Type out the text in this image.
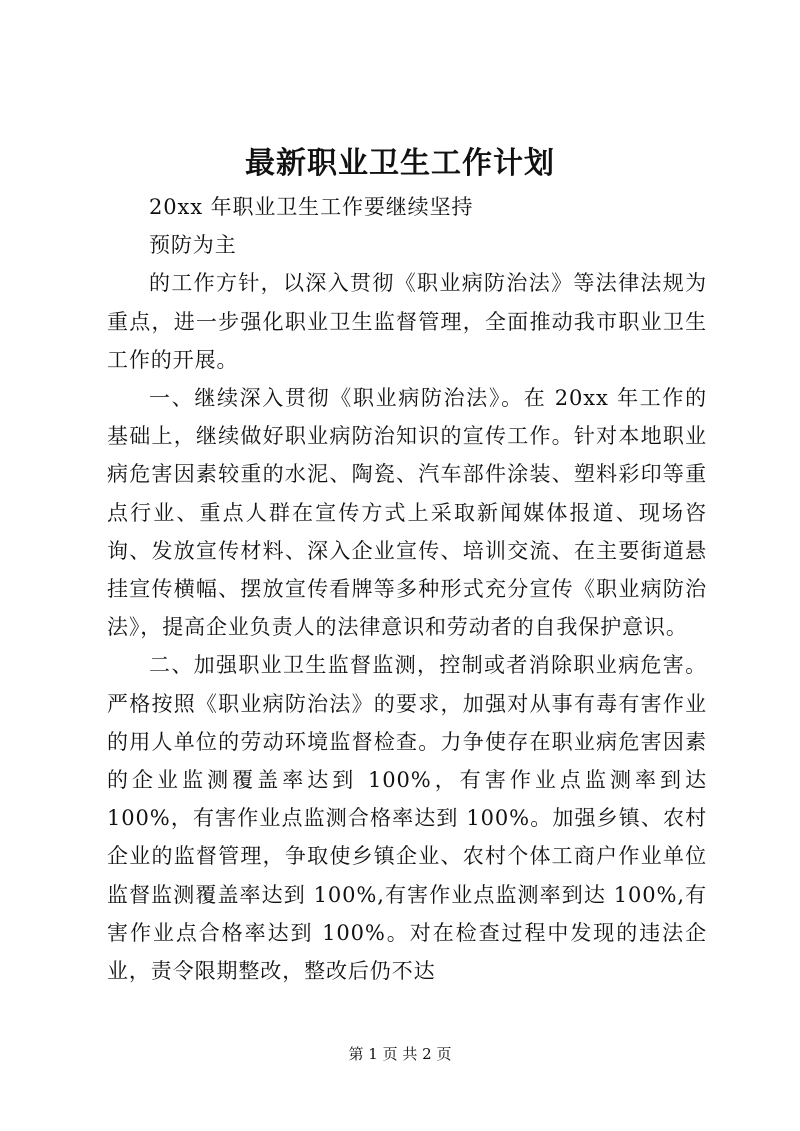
最新职业卫生工作计划

20xx 年职业卫生工作要继续坚持

预防为主

的工作方针，以深入贯彻《职业病防治法》等法律法规为重点，进一步强化职业卫生监督管理，全面推动我市职业卫生工作的开展。

一、继续深入贯彻《职业病防治法》。在 20xx 年工作的基础上，继续做好职业病防治知识的宣传工作。针对本地职业病危害因素较重的水泥、陶瓷、汽车部件涂装、塑料彩印等重点行业、重点人群在宣传方式上采取新闻媒体报道、现场咨询、发放宣传材料、深入企业宣传、培训交流、在主要街道悬挂宣传横幅、摆放宣传看牌等多种形式充分宣传《职业病防治法》，提高企业负责人的法律意识和劳动者的自我保护意识。

二、加强职业卫生监督监测，控制或者消除职业病危害。严格按照《职业病防治法》的要求，加强对从事有毒有害作业的用人单位的劳动环境监督检查。力争使存在职业病危害因素的企业监测覆盖率达到 100%，有害作业点监测率到达 100%，有害作业点监测合格率达到 100%。加强乡镇、农村企业的监督管理，争取使乡镇企业、农村个体工商户作业单位监督监测覆盖率达到 100%,有害作业点监测率到达 100%,有害作业点合格率达到 100%。对在检查过程中发现的违法企业，责令限期整改，整改后仍不达

第 1 页 共 2 页
